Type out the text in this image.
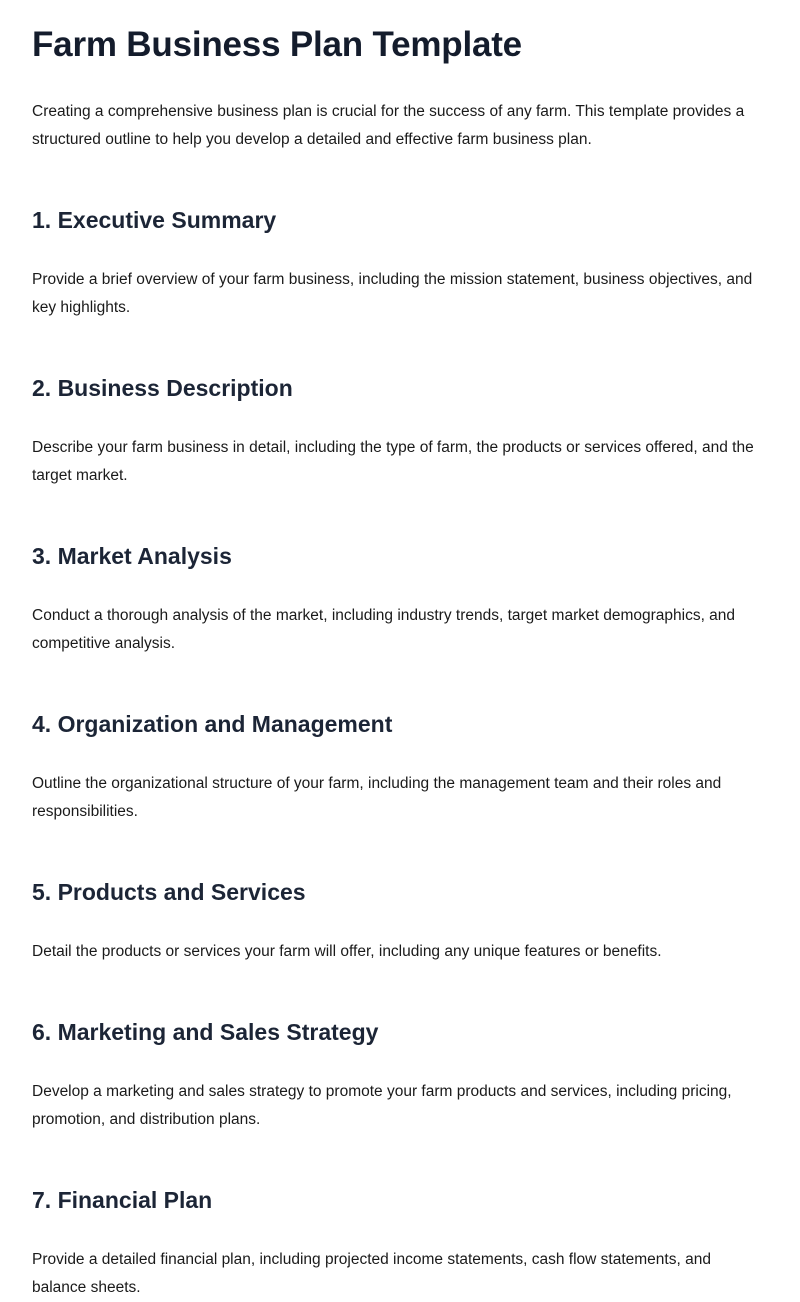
Farm Business Plan Template

Creating a comprehensive business plan is crucial for the success of any farm. This template provides a structured outline to help you develop a detailed and effective farm business plan.

1. Executive Summary

Provide a brief overview of your farm business, including the mission statement, business objectives, and key highlights.

2. Business Description

Describe your farm business in detail, including the type of farm, the products or services offered, and the target market.

3. Market Analysis

Conduct a thorough analysis of the market, including industry trends, target market demographics, and competitive analysis.

4. Organization and Management

Outline the organizational structure of your farm, including the management team and their roles and responsibilities.

5. Products and Services

Detail the products or services your farm will offer, including any unique features or benefits.

6. Marketing and Sales Strategy

Develop a marketing and sales strategy to promote your farm products and services, including pricing, promotion, and distribution plans.

7. Financial Plan

Provide a detailed financial plan, including projected income statements, cash flow statements, and balance sheets.
